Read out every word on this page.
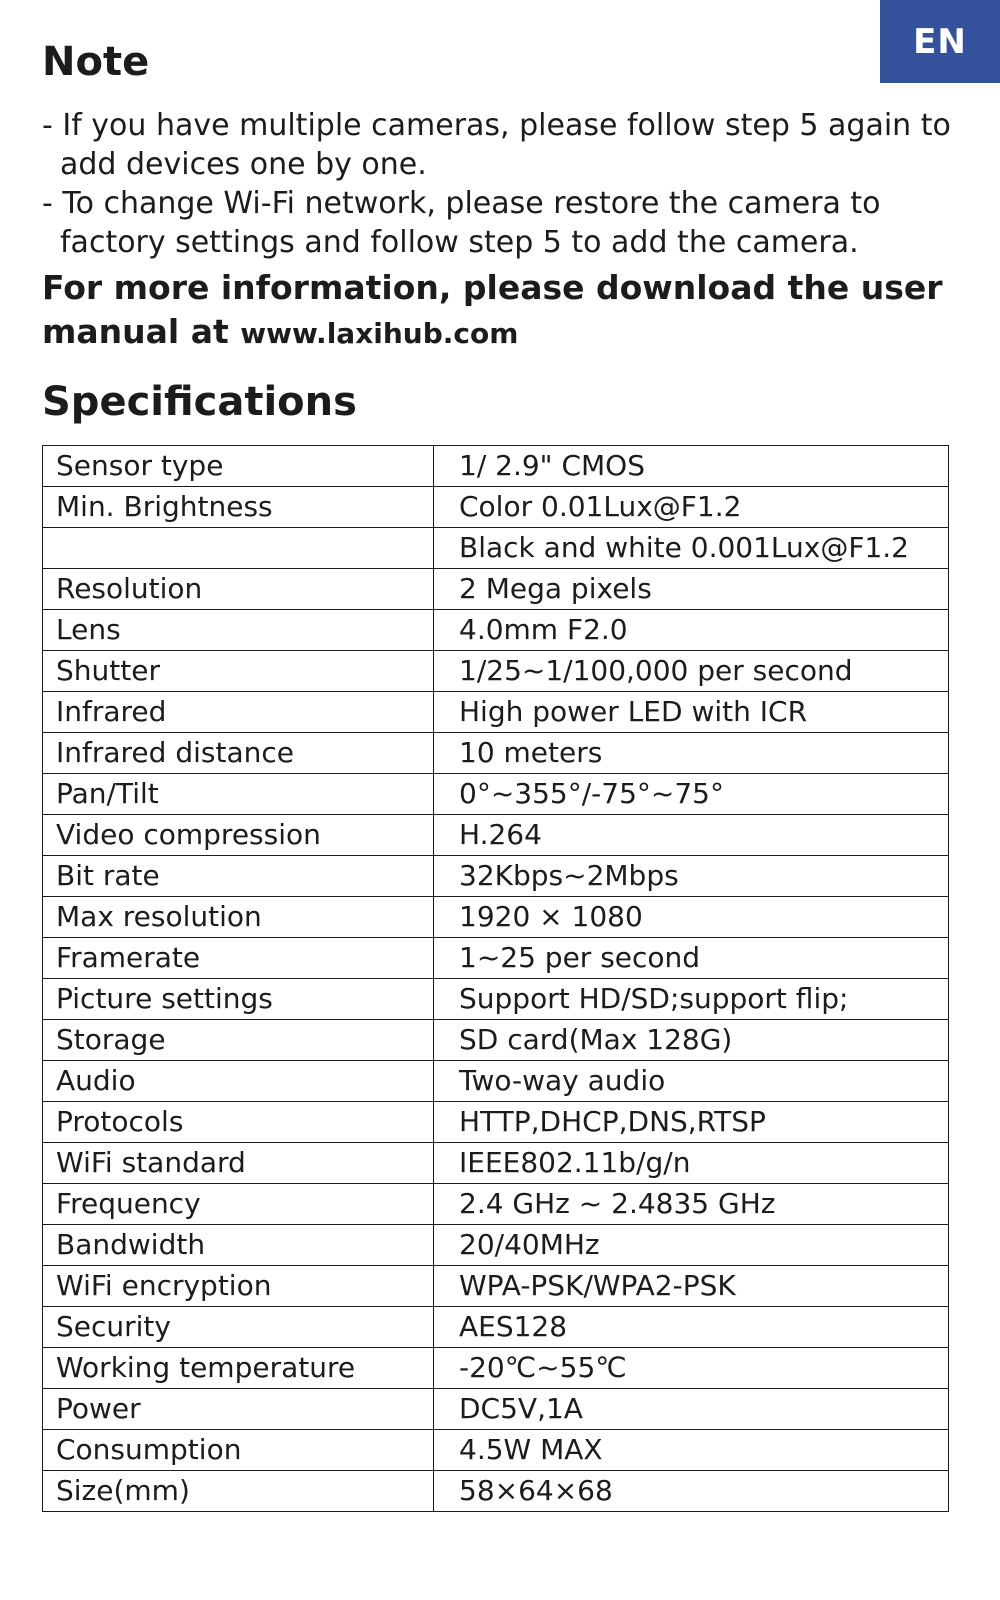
EN
Note
- If you have multiple cameras, please follow step 5 again to add devices one by one.
- To change Wi-Fi network, please restore the camera to factory settings and follow step 5 to add the camera.

For more information, please download the user manual at www.laxihub.com

Specifications
Sensor type	1/ 2.9" CMOS
Min. Brightness	Color 0.01Lux@F1.2
	Black and white 0.001Lux@F1.2
Resolution	2 Mega pixels
Lens	4.0mm F2.0
Shutter	1/25~1/100,000 per second
Infrared	High power LED with ICR
Infrared distance	10 meters
Pan/Tilt	0°~355°/-75°~75°
Video compression	H.264
Bit rate	32Kbps~2Mbps
Max resolution	1920 × 1080
Framerate	1~25 per second
Picture settings	Support HD/SD;support flip;
Storage	SD card(Max 128G)
Audio	Two-way audio
Protocols	HTTP,DHCP,DNS,RTSP
WiFi standard	IEEE802.11b/g/n
Frequency	2.4 GHz ~ 2.4835 GHz
Bandwidth	20/40MHz
WiFi encryption	WPA-PSK/WPA2-PSK
Security	AES128
Working temperature	-20℃~55℃
Power	DC5V,1A
Consumption	4.5W MAX
Size(mm)	58×64×68
